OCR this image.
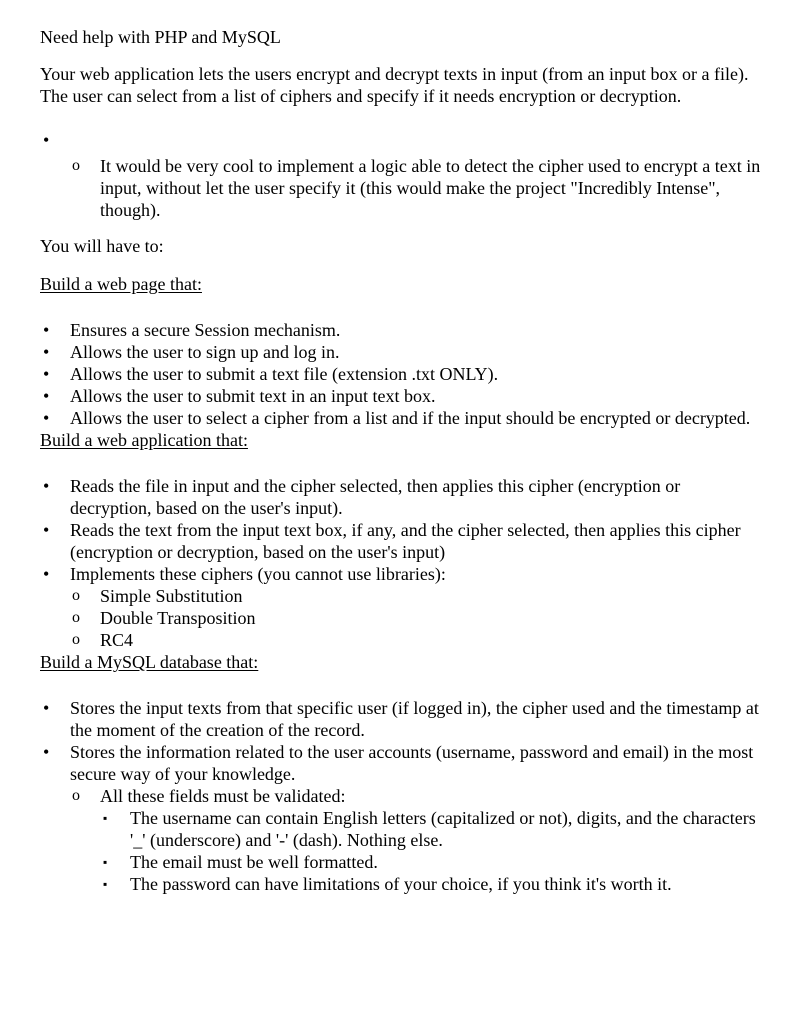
Need help with PHP and MySQL

Your web application lets the users encrypt and decrypt texts in input (from an input box or a file). The user can select from a list of ciphers and specify if it needs encryption or decryption.

•

o It would be very cool to implement a logic able to detect the cipher used to encrypt a text in input, without let the user specify it (this would make the project "Incredibly Intense", though).

You will have to:

Build a web page that:

• Ensures a secure Session mechanism.
• Allows the user to sign up and log in.
• Allows the user to submit a text file (extension .txt ONLY).
• Allows the user to submit text in an input text box.
• Allows the user to select a cipher from a list and if the input should be encrypted or decrypted.

Build a web application that:

• Reads the file in input and the cipher selected, then applies this cipher (encryption or decryption, based on the user's input).
• Reads the text from the input text box, if any, and the cipher selected, then applies this cipher (encryption or decryption, based on the user's input)
• Implements these ciphers (you cannot use libraries):
o Simple Substitution
o Double Transposition
o RC4

Build a MySQL database that:

• Stores the input texts from that specific user (if logged in), the cipher used and the timestamp at the moment of the creation of the record.
• Stores the information related to the user accounts (username, password and email) in the most secure way of your knowledge.
o All these fields must be validated:
▪ The username can contain English letters (capitalized or not), digits, and the characters '_' (underscore) and '-' (dash). Nothing else.
▪ The email must be well formatted.
▪ The password can have limitations of your choice, if you think it's worth it.
